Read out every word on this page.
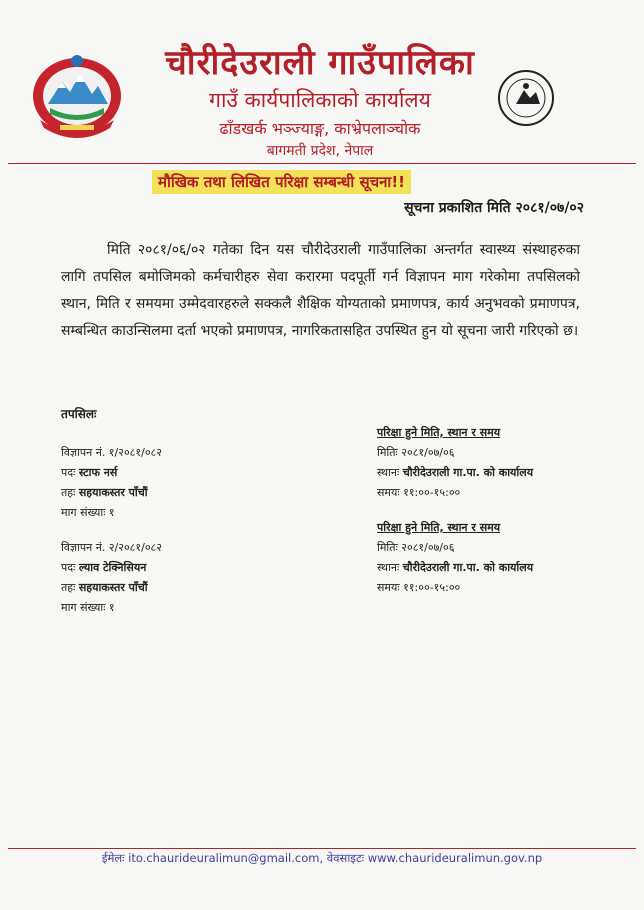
चौरीदेउराली गाउँपालिका
गाउँ कार्यपालिकाको कार्यालय
ढाँडखर्क भञ्ज्याङ्ग, काभ्रेपलाञ्चोक
बागमती प्रदेश, नेपाल
मौखिक तथा लिखित परिक्षा सम्बन्धी सूचना!!
सूचना प्रकाशित मिति २०८१/०७/०२
मिति २०८१/०६/०२ गतेका दिन यस चौरीदेउराली गाउँपालिका अन्तर्गत स्वास्थ्य संस्थाहरुका लागि तपसिल बमोजिमको कर्मचारीहरु सेवा करारमा पदपूर्ती गर्न विज्ञापन माग गरेकोमा तपसिलको स्थान, मिति र समयमा उम्मेदवारहरुले सक्कलै शैक्षिक योग्यताको प्रमाणपत्र, कार्य अनुभवको प्रमाणपत्र, सम्बन्धित काउन्सिलमा दर्ता भएको प्रमाणपत्र, नागरिकतासहित उपस्थित हुन यो सूचना जारी गरिएको छ।
तपसिलः
विज्ञापन नं. १/२०८१/०८२
पदः स्टाफ नर्स
तहः सहयाकस्तर पाँचौं
माग संख्याः १
परिक्षा हुने मिति, स्थान र समय
मितिः २०८१/०७/०६
स्थानः चौरीदेउराली गा.पा. को कार्यालय
समयः ११:००-१५:००
विज्ञापन नं. २/२०८१/०८२
पदः ल्याव टेक्निसियन
तहः सहयाकस्तर पाँचौं
माग संख्याः १
परिक्षा हुने मिति, स्थान र समय
मितिः २०८१/०७/०६
स्थानः चौरीदेउराली गा.पा. को कार्यालय
समयः ११:००-१५:००
ईमेलः ito.chaurideuralimun@gmail.com, वेवसाइटः www.chaurideuralimun.gov.np
